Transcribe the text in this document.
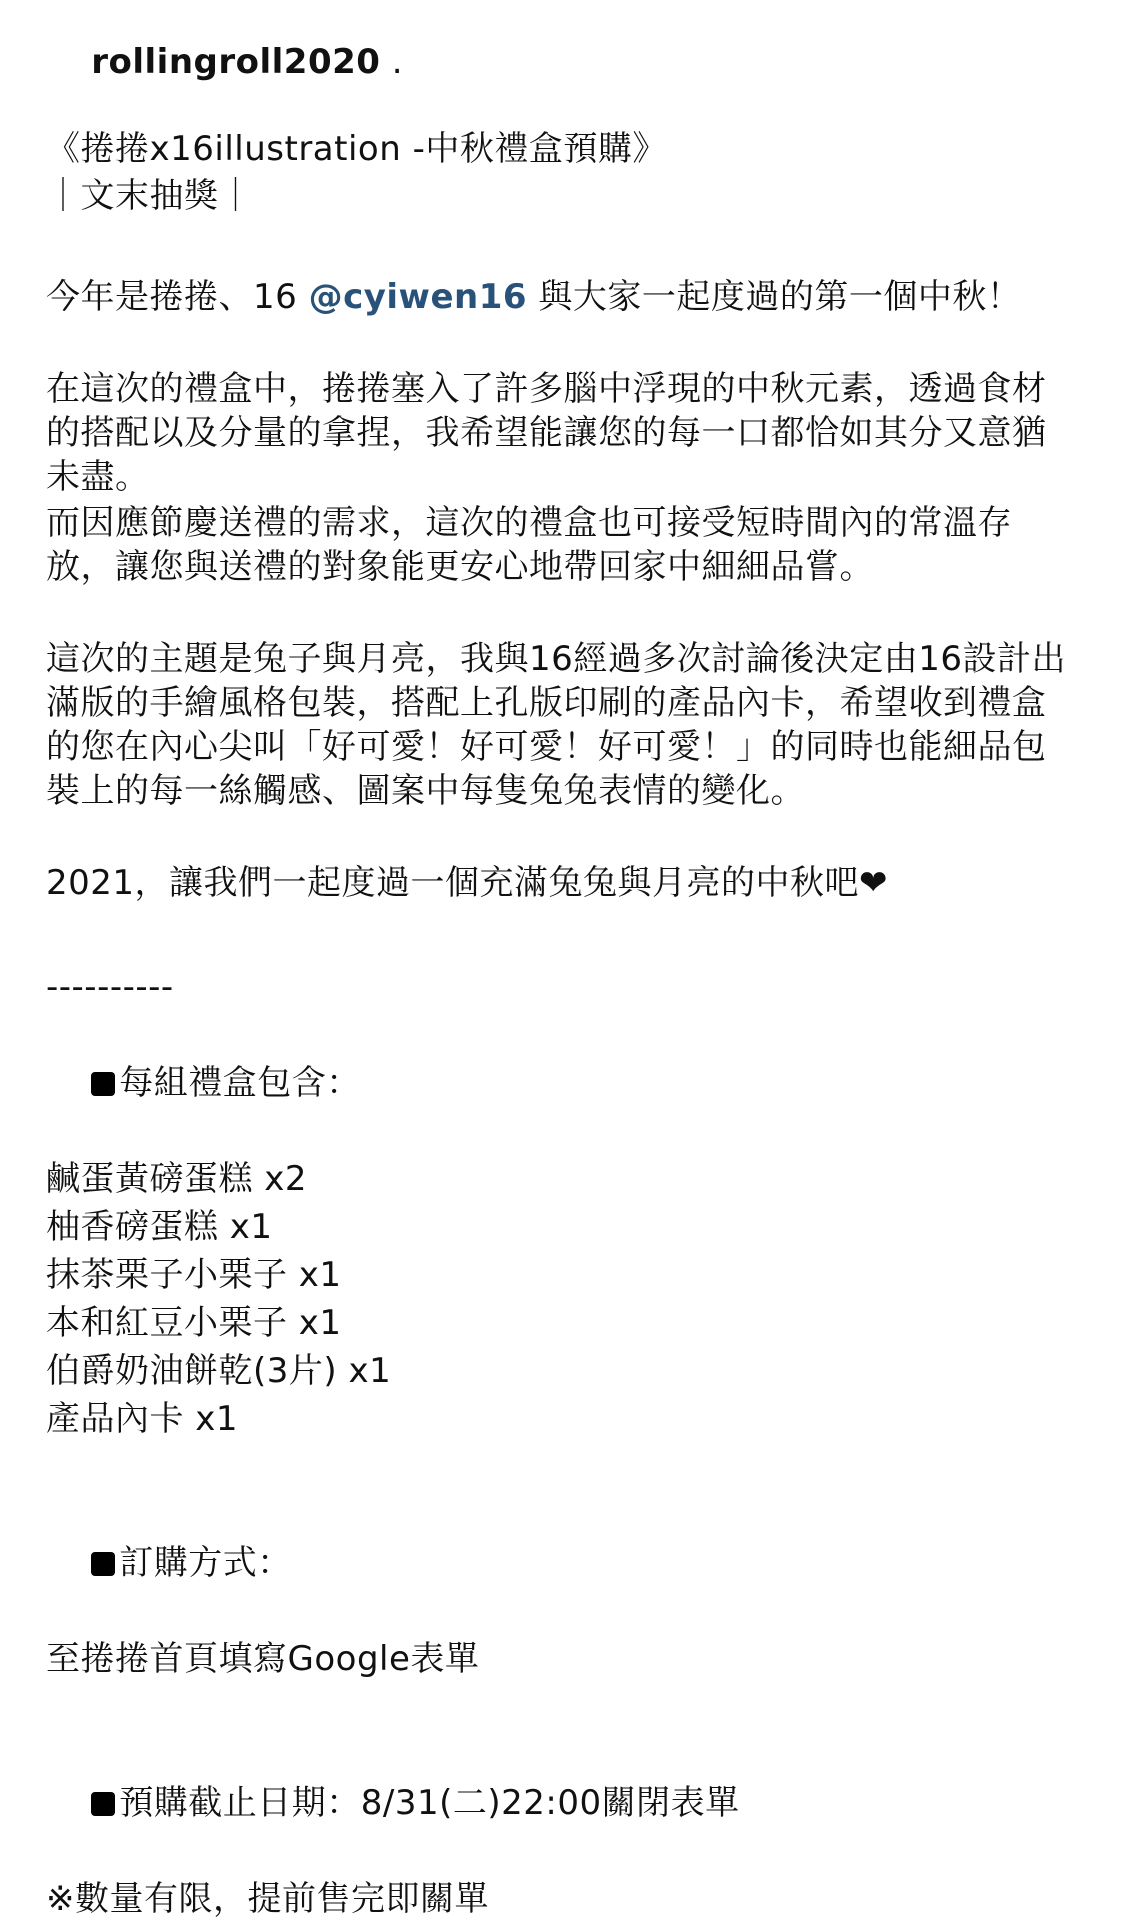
rollingroll2020 .

《捲捲x16illustration -中秋禮盒預購》
｜文末抽獎｜
今年是捲捲、16 @cyiwen16 與大家一起度過的第一個中秋！
在這次的禮盒中，捲捲塞入了許多腦中浮現的中秋元素，透過食材的搭配以及分量的拿捏，我希望能讓您的每一口都恰如其分又意猶未盡。
而因應節慶送禮的需求，這次的禮盒也可接受短時間內的常溫存放，讓您與送禮的對象能更安心地帶回家中細細品嘗。
這次的主題是兔子與月亮，我與16經過多次討論後決定由16設計出滿版的手繪風格包裝，搭配上孔版印刷的產品內卡，希望收到禮盒的您在內心尖叫「好可愛！好可愛！好可愛！」的同時也能細品包裝上的每一絲觸感、圖案中每隻兔兔表情的變化。
2021，讓我們一起度過一個充滿兔兔與月亮的中秋吧❤
----------

每組禮盒包含：

鹹蛋黃磅蛋糕 x2
柚香磅蛋糕 x1
抹茶栗子小栗子 x1
本和紅豆小栗子 x1
伯爵奶油餅乾(3片) x1
產品內卡 x1

訂購方式：

至捲捲首頁填寫Google表單

預購截止日期：8/31(二)22:00關閉表單

※數量有限，提前售完即關單
